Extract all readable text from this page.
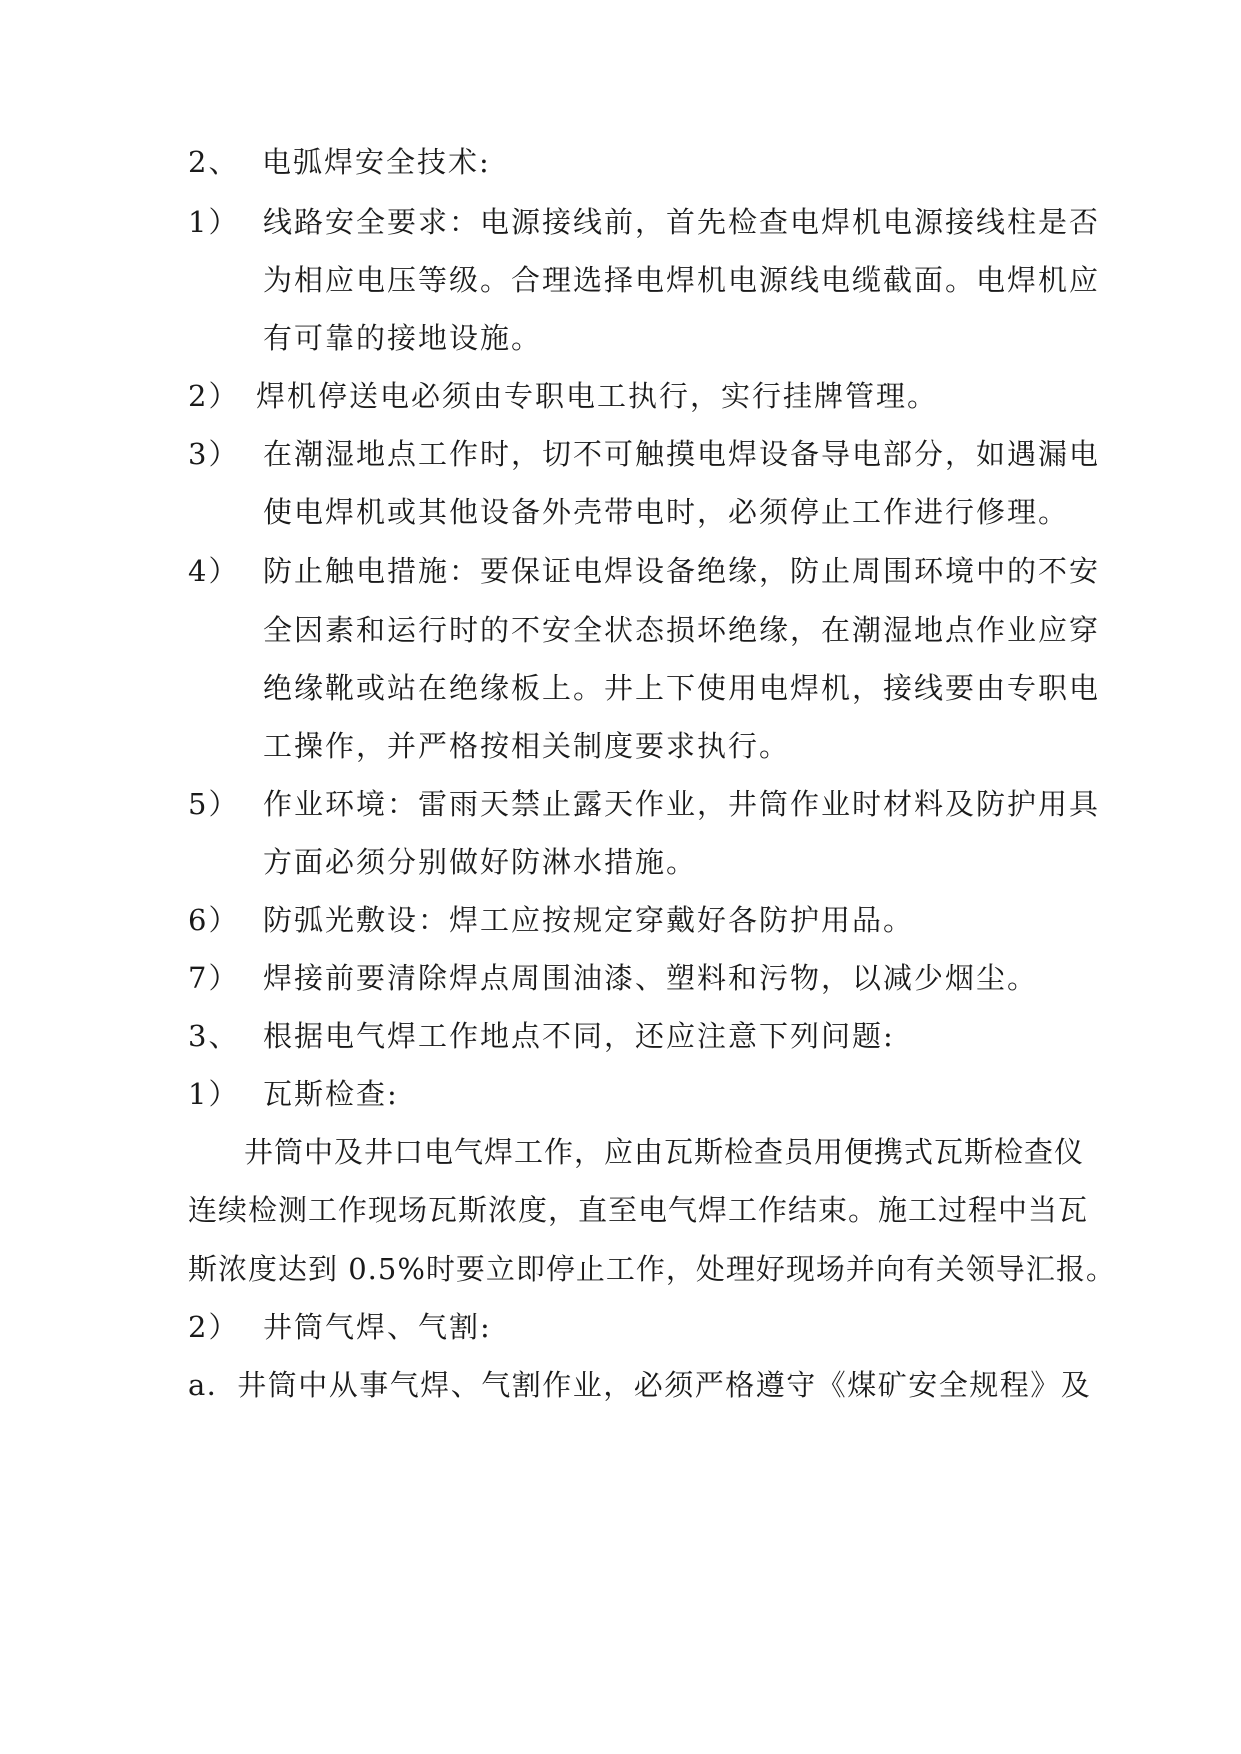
2、 电弧焊安全技术:
1） 线路安全要求：电源接线前，首先检查电焊机电源接线柱是否
为相应电压等级。合理选择电焊机电源线电缆截面。电焊机应
有可靠的接地设施。
2） 焊机停送电必须由专职电工执行，实行挂牌管理。
3） 在潮湿地点工作时，切不可触摸电焊设备导电部分，如遇漏电
使电焊机或其他设备外壳带电时，必须停止工作进行修理。
4） 防止触电措施：要保证电焊设备绝缘，防止周围环境中的不安
全因素和运行时的不安全状态损坏绝缘，在潮湿地点作业应穿
绝缘靴或站在绝缘板上。井上下使用电焊机，接线要由专职电
工操作，并严格按相关制度要求执行。
5） 作业环境：雷雨天禁止露天作业，井筒作业时材料及防护用具
方面必须分别做好防淋水措施。
6） 防弧光敷设：焊工应按规定穿戴好各防护用品。
7） 焊接前要清除焊点周围油漆、塑料和污物，以减少烟尘。
3、 根据电气焊工作地点不同，还应注意下列问题:
1） 瓦斯检查:
井筒中及井口电气焊工作，应由瓦斯检查员用便携式瓦斯检查仪
连续检测工作现场瓦斯浓度，直至电气焊工作结束。施工过程中当瓦
斯浓度达到 0.5%时要立即停止工作，处理好现场并向有关领导汇报。
2） 井筒气焊、气割:
a．井筒中从事气焊、气割作业，必须严格遵守《煤矿安全规程》及
